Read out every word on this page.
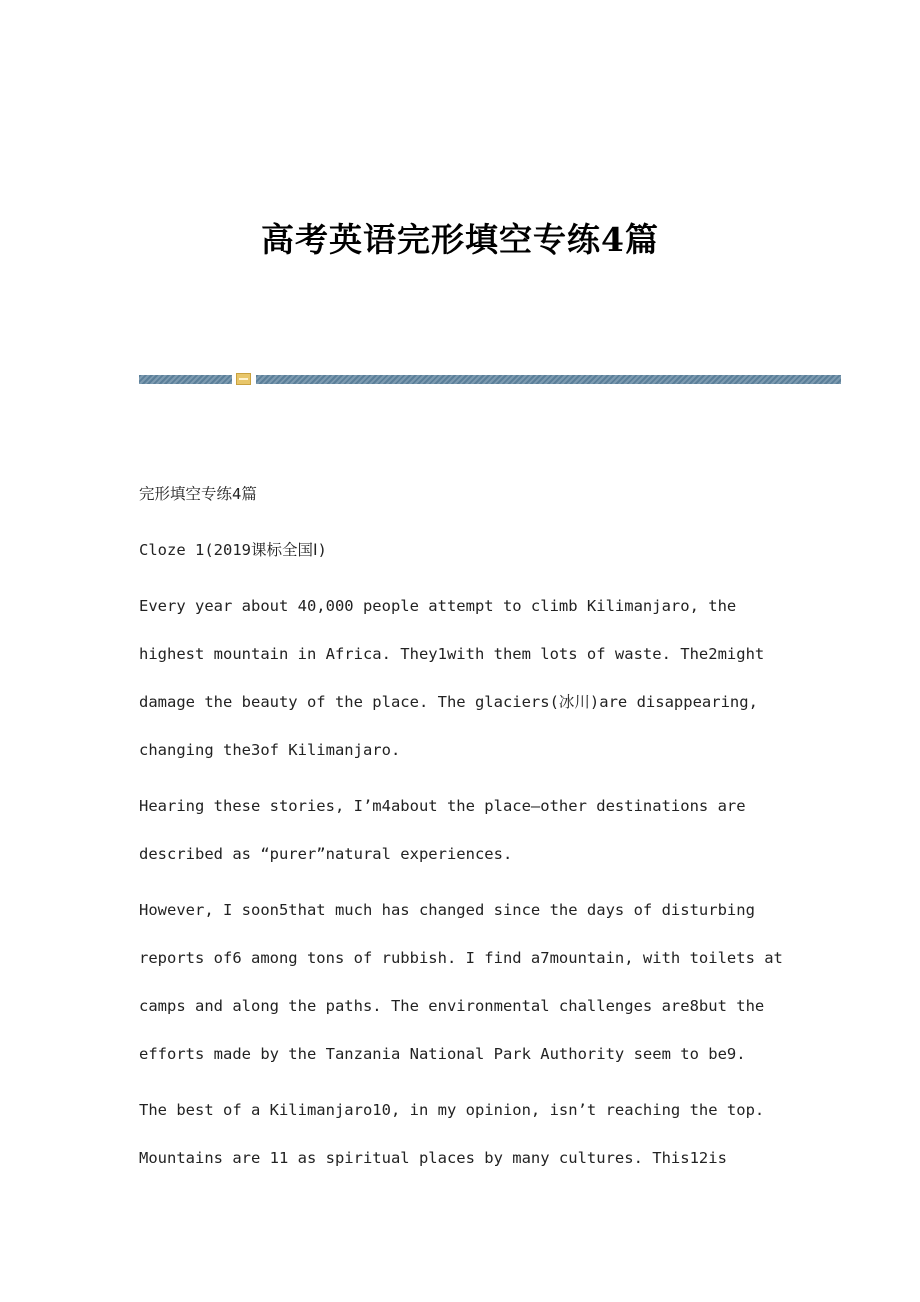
高考英语完形填空专练4篇

完形填空专练4篇

Cloze 1(2019课标全国Ⅰ)

Every year about 40,000 people attempt to climb Kilimanjaro, the highest mountain in Africa. They1with them lots of waste. The2might damage the beauty of the place. The glaciers(冰川)are disappearing, changing the3of Kilimanjaro.

Hearing these stories, I’m4about the place—other destinations are described as “purer”natural experiences.

However, I soon5that much has changed since the days of disturbing reports of6 among tons of rubbish. I find a7mountain, with toilets at camps and along the paths. The environmental challenges are8but the efforts made by the Tanzania National Park Authority seem to be9.

The best of a Kilimanjaro10, in my opinion, isn’t reaching the top. Mountains are 11 as spiritual places by many cultures. This12is
